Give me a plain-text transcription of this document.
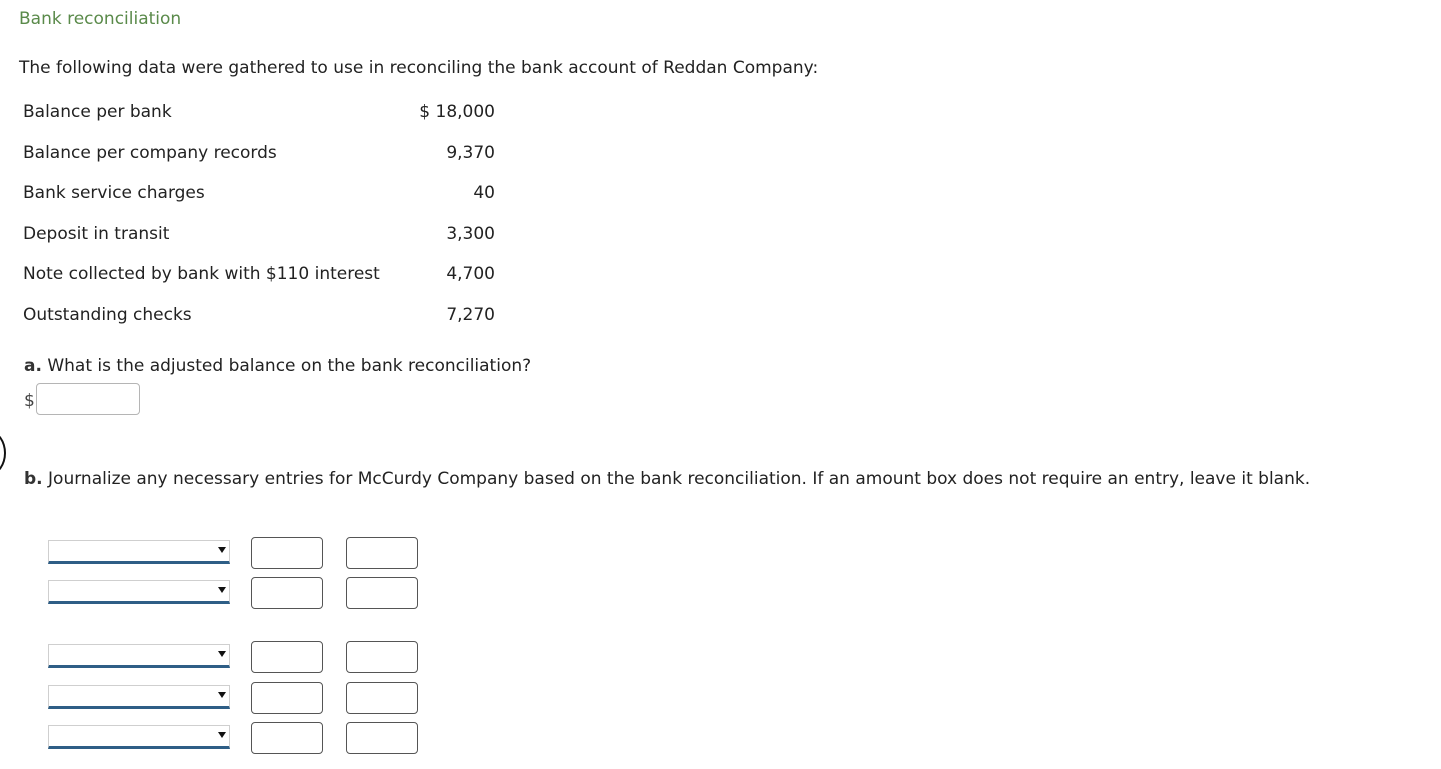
Bank reconciliation
The following data were gathered to use in reconciling the bank account of Reddan Company:
Balance per bank	$ 18,000
Balance per company records	9,370
Bank service charges	40
Deposit in transit	3,300
Note collected by bank with $110 interest	4,700
Outstanding checks	7,270
a. What is the adjusted balance on the bank reconciliation?
$
b. Journalize any necessary entries for McCurdy Company based on the bank reconciliation. If an amount box does not require an entry, leave it blank.
